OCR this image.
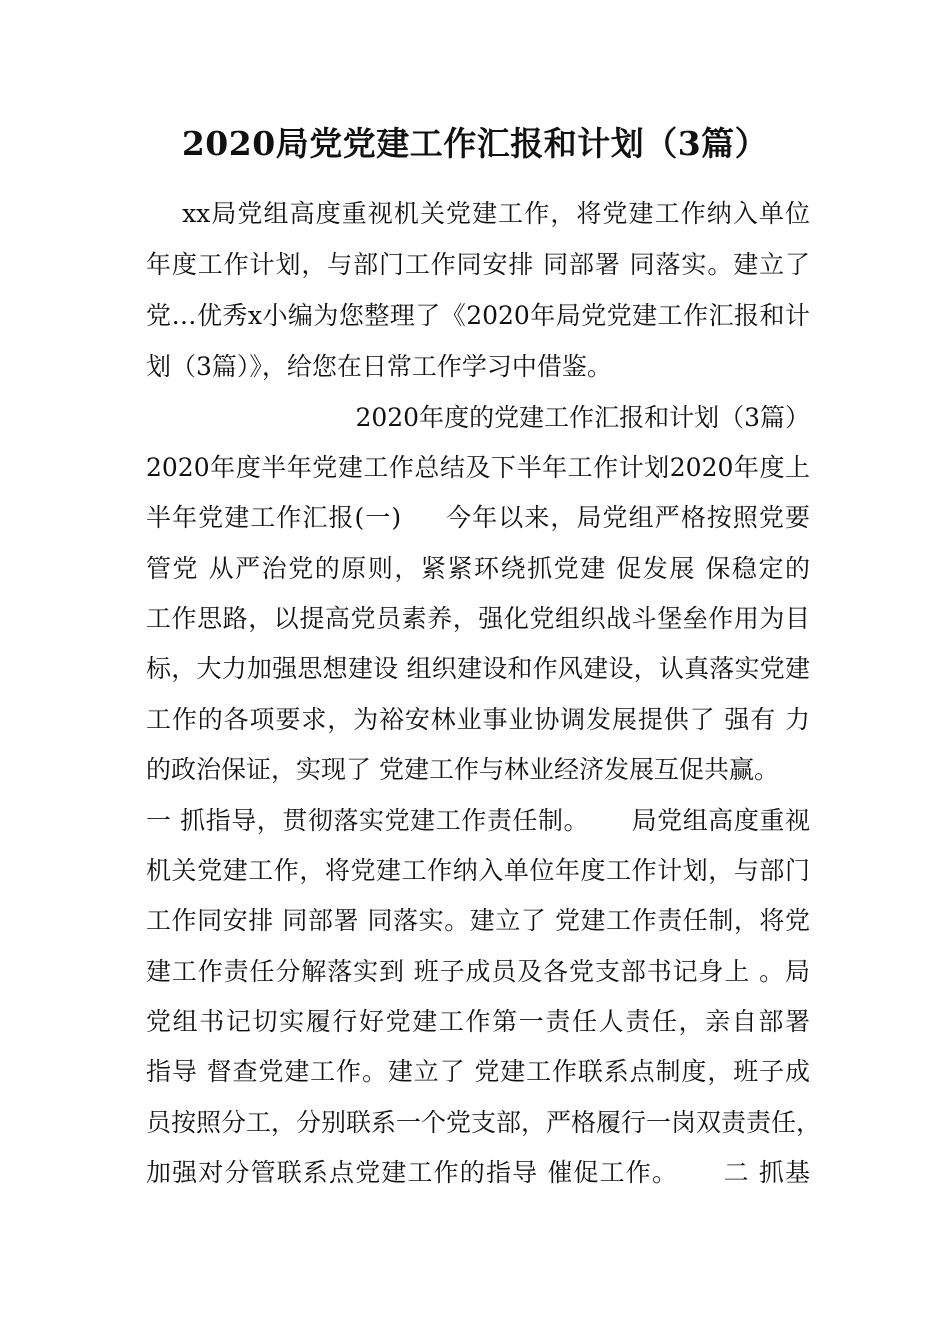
2020局党党建工作汇报和计划（3篇）
xx局党组高度重视机关党建工作，将党建工作纳入单位
年度工作计划，与部门工作同安排 同部署 同落实。建立了
党…优秀x小编为您整理了《2020年局党党建工作汇报和计
划（3篇）》，给您在日常工作学习中借鉴。
2020年度的党建工作汇报和计划（3篇）
2020年度半年党建工作总结及下半年工作计划2020年度上
半年党建工作汇报(一)     今年以来，局党组严格按照党要
管党 从严治党的原则，紧紧环绕抓党建 促发展 保稳定的
工作思路，以提高党员素养，强化党组织战斗堡垒作用为目
标，大力加强思想建设 组织建设和作风建设，认真落实党建
工作的各项要求，为裕安林业事业协调发展提供了 强有 力
的政治保证，实现了 党建工作与林业经济发展互促共赢。
一 抓指导，贯彻落实党建工作责任制。     局党组高度重视
机关党建工作，将党建工作纳入单位年度工作计划，与部门
工作同安排 同部署 同落实。建立了 党建工作责任制，将党
建工作责任分解落实到 班子成员及各党支部书记身上 。局
党组书记切实履行好党建工作第一责任人责任，亲自部署
指导 督查党建工作。建立了 党建工作联系点制度，班子成
员按照分工，分别联系一个党支部，严格履行一岗双责责任，
加强对分管联系点党建工作的指导 催促工作。     二 抓基
